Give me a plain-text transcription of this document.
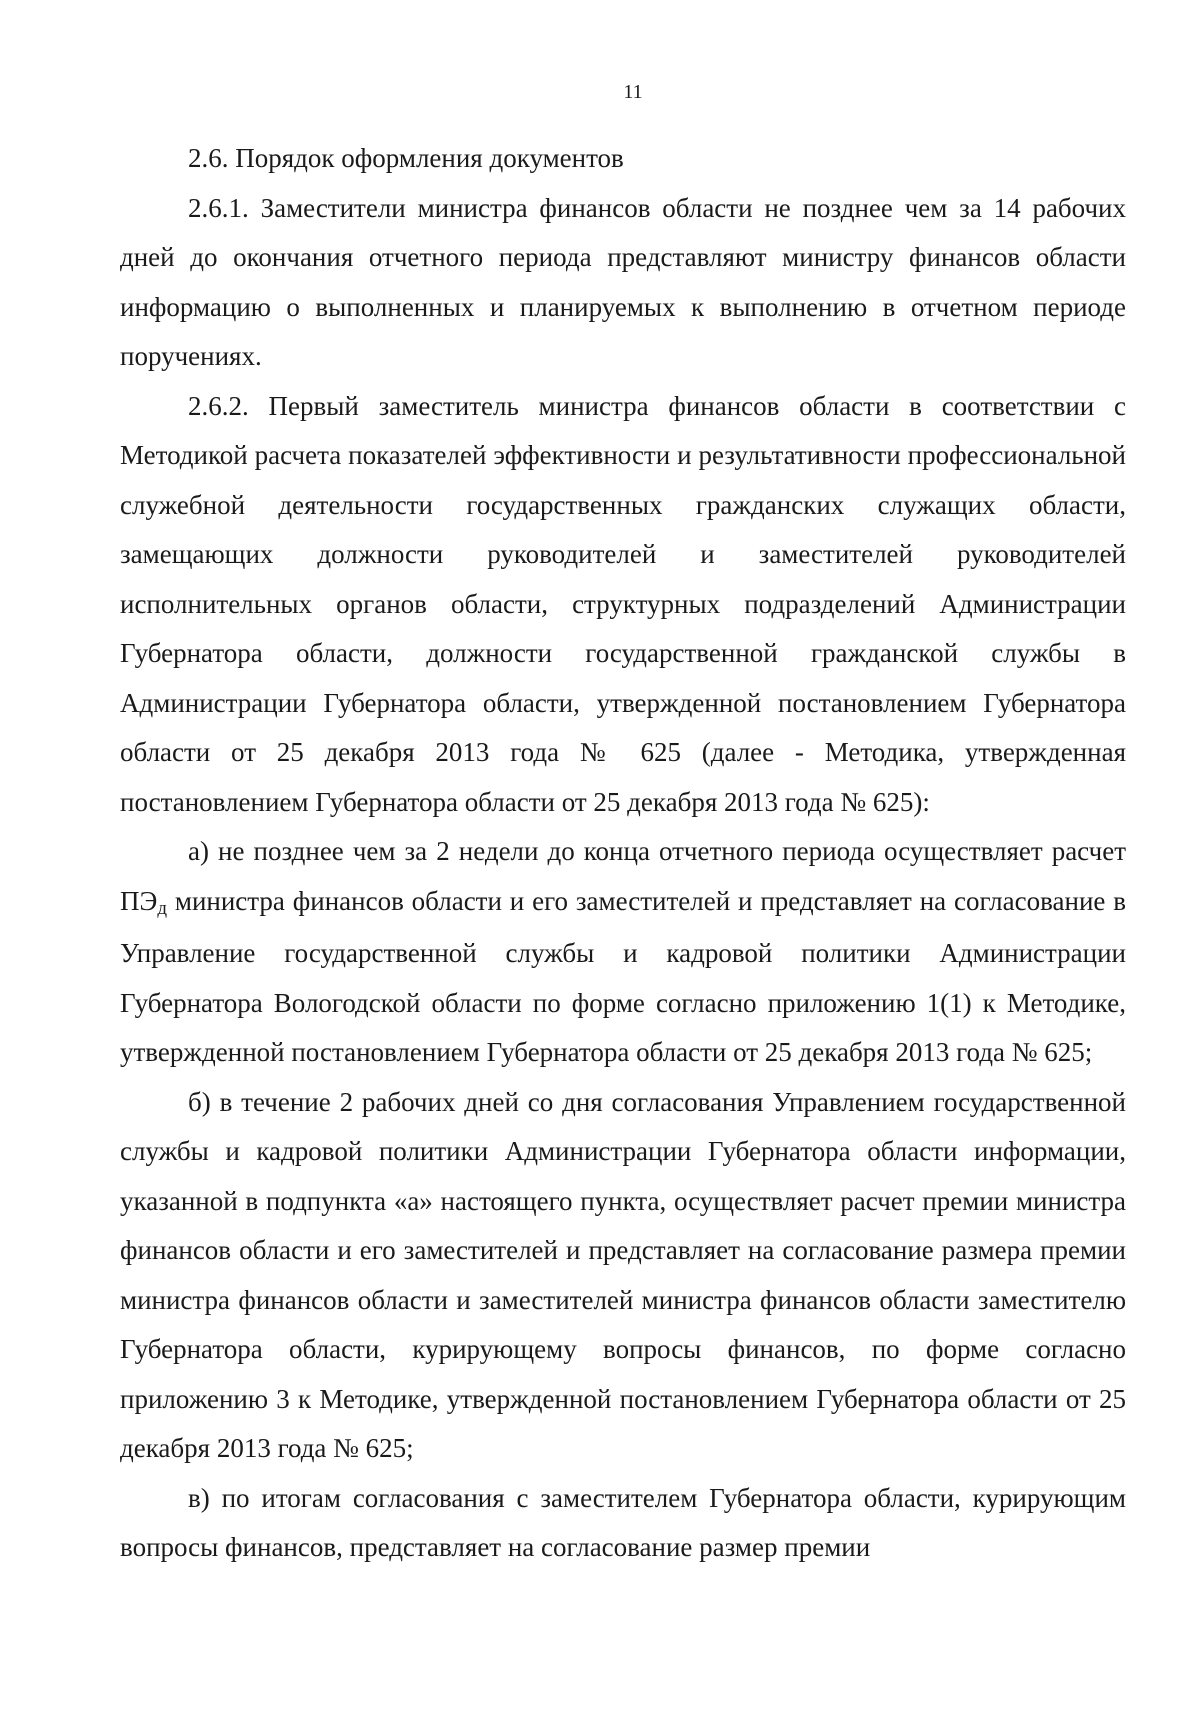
11

2.6. Порядок оформления документов

2.6.1. Заместители министра финансов области не позднее чем за 14 рабочих дней до окончания отчетного периода представляют министру финансов области информацию о выполненных и планируемых к выполнению в отчетном периоде поручениях.

2.6.2. Первый заместитель министра финансов области в соответствии с Методикой расчета показателей эффективности и результативности профессиональной служебной деятельности государственных гражданских служащих области, замещающих должности руководителей и заместителей руководителей исполнительных органов области, структурных подразделений Администрации Губернатора области, должности государственной гражданской службы в Администрации Губернатора области, утвержденной постановлением Губернатора области от 25 декабря 2013 года № 625 (далее - Методика, утвержденная постановлением Губернатора области от 25 декабря 2013 года № 625):

а) не позднее чем за 2 недели до конца отчетного периода осуществляет расчет ПЭд министра финансов области и его заместителей и представляет на согласование в Управление государственной службы и кадровой политики Администрации Губернатора Вологодской области по форме согласно приложению 1(1) к Методике, утвержденной постановлением Губернатора области от 25 декабря 2013 года № 625;

б) в течение 2 рабочих дней со дня согласования Управлением государственной службы и кадровой политики Администрации Губернатора области информации, указанной в подпункта «а» настоящего пункта, осуществляет расчет премии министра финансов области и его заместителей и представляет на согласование размера премии министра финансов области и заместителей министра финансов области заместителю Губернатора области, курирующему вопросы финансов, по форме согласно приложению 3 к Методике, утвержденной постановлением Губернатора области от 25 декабря 2013 года № 625;

в) по итогам согласования с заместителем Губернатора области, курирующим вопросы финансов, представляет на согласование размер премии
